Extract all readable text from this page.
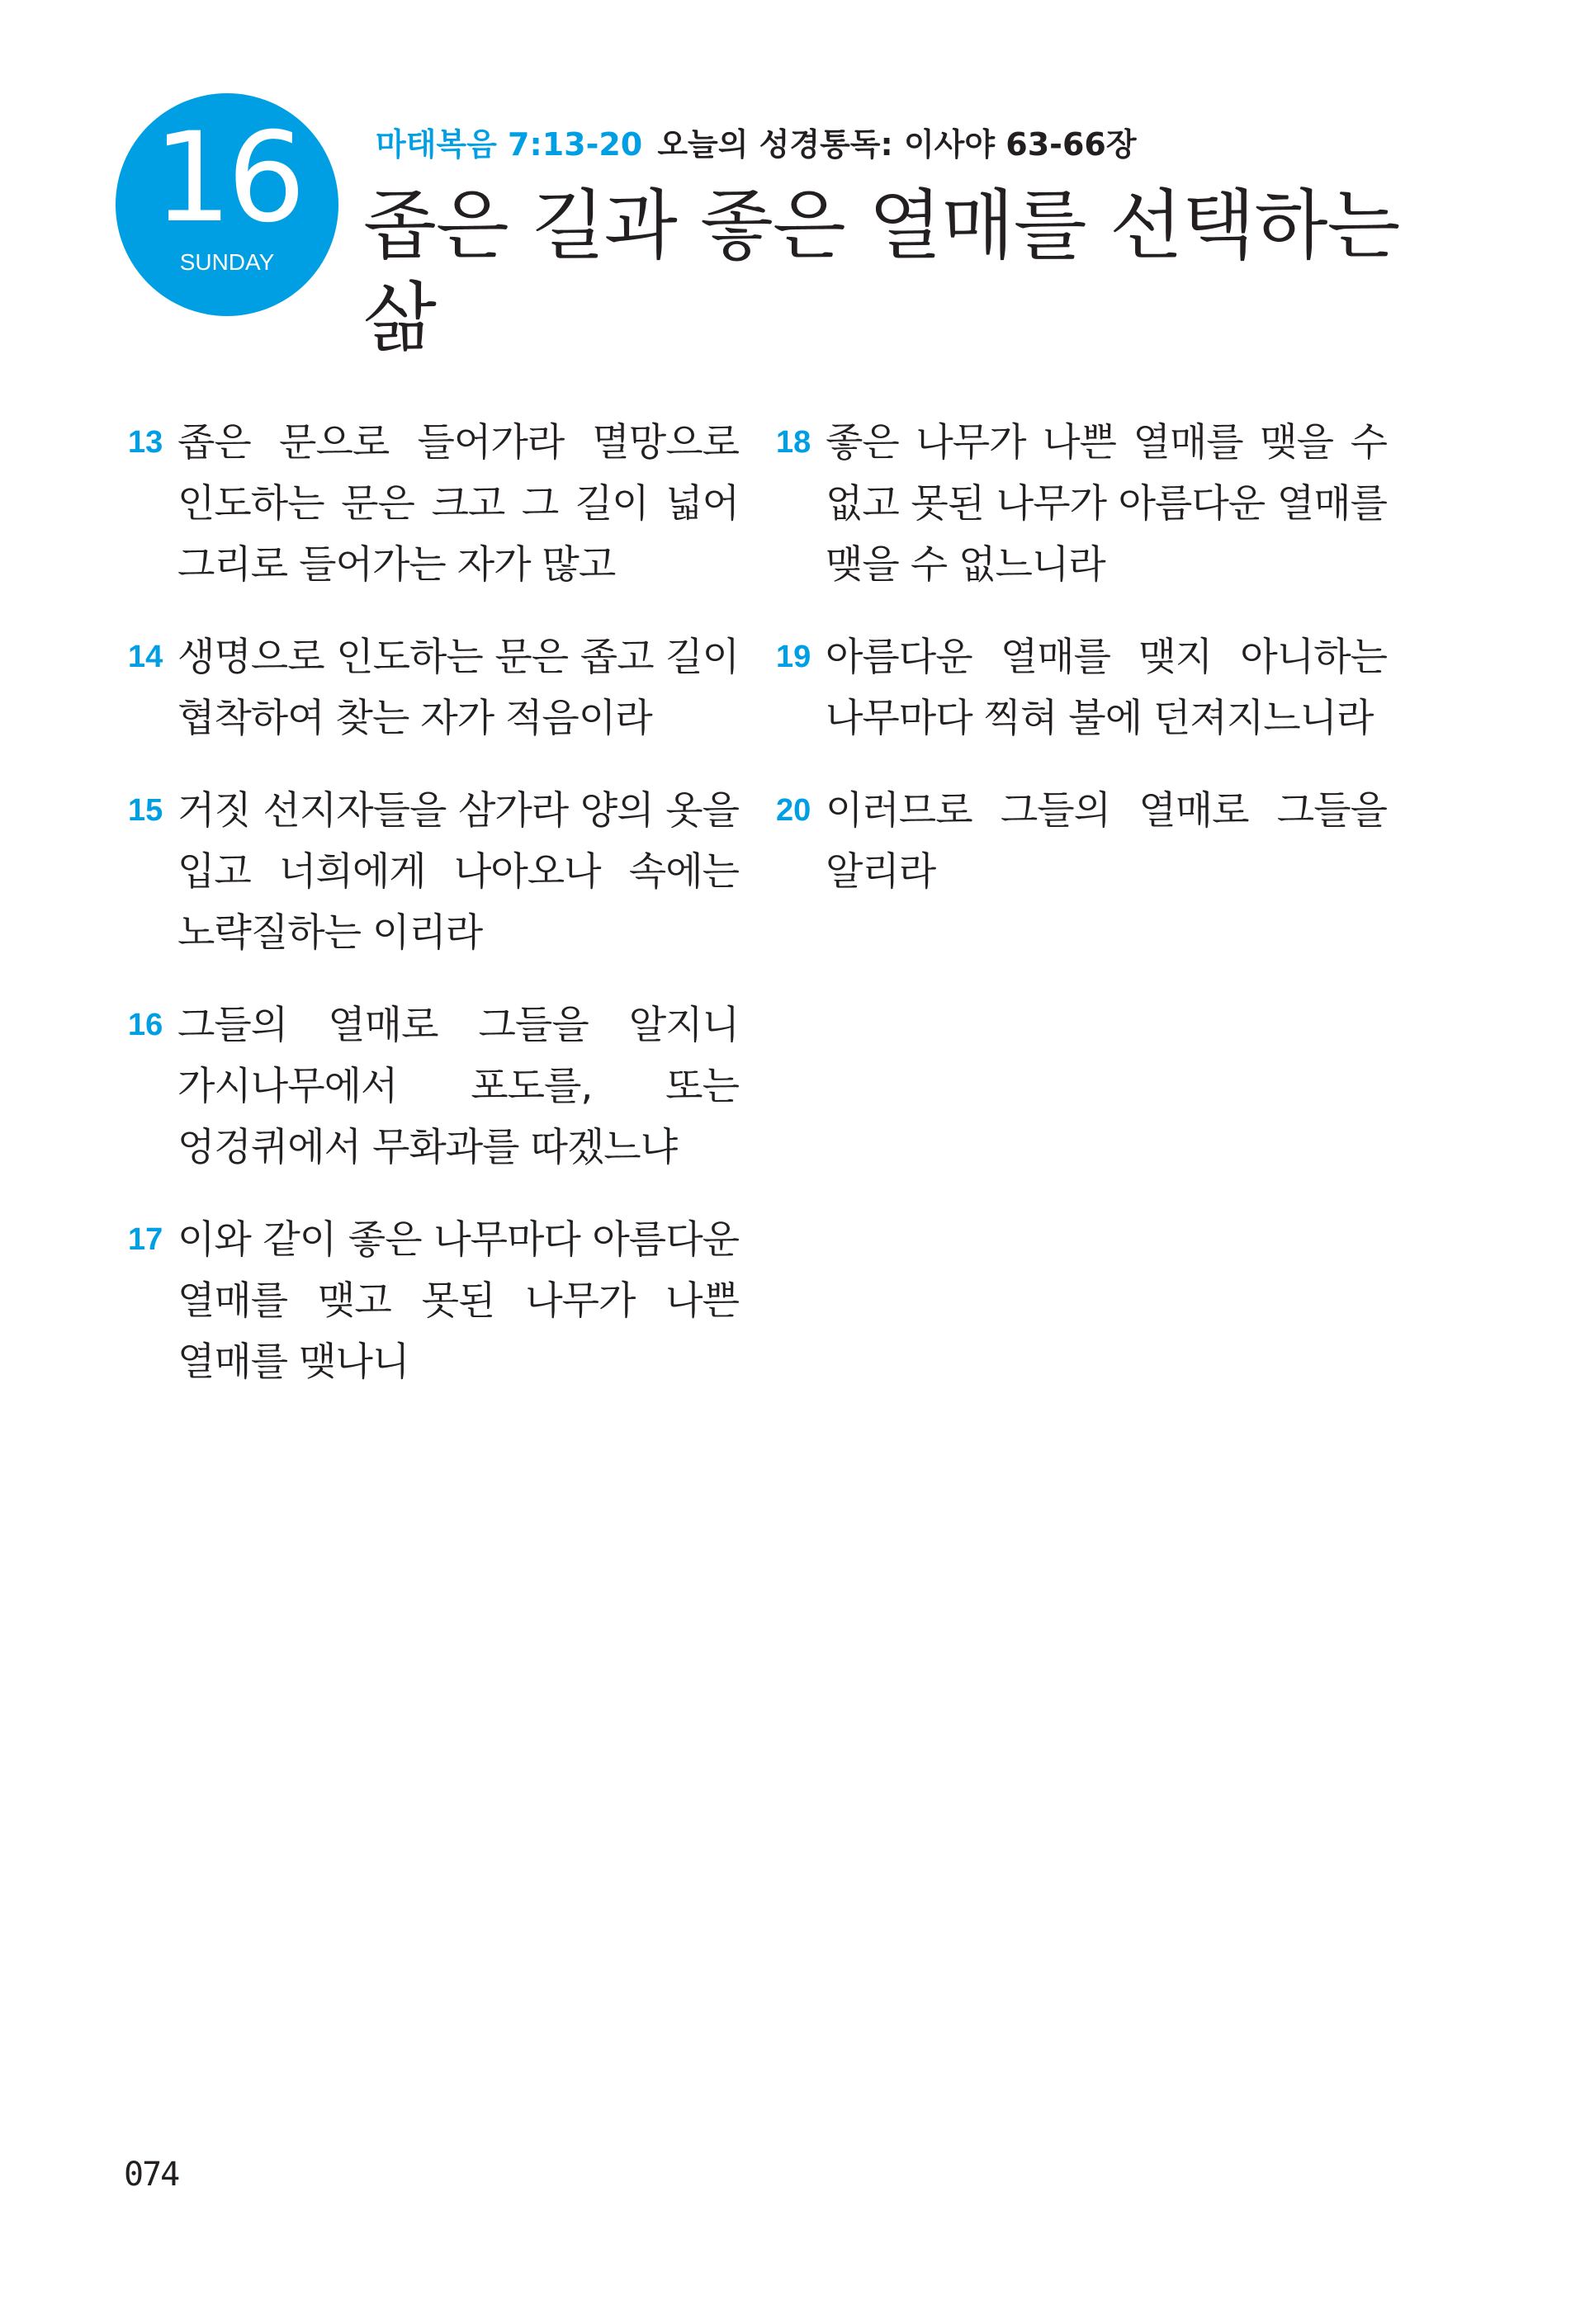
16
SUNDAY
마태복음 7:13-20 오늘의 성경통독: 이사야 63-66장
좁은 길과 좋은 열매를 선택하는 삶
13 좁은 문으로 들어가라 멸망으로 인도하는 문은 크고 그 길이 넓어 그리로 들어가는 자가 많고
14 생명으로 인도하는 문은 좁고 길이 협착하여 찾는 자가 적음이라
15 거짓 선지자들을 삼가라 양의 옷을 입고 너희에게 나아오나 속에는 노략질하는 이리라
16 그들의 열매로 그들을 알지니 가시나무에서 포도를, 또는 엉겅퀴에서 무화과를 따겠느냐
17 이와 같이 좋은 나무마다 아름다운 열매를 맺고 못된 나무가 나쁜 열매를 맺나니
18 좋은 나무가 나쁜 열매를 맺을 수 없고 못된 나무가 아름다운 열매를 맺을 수 없느니라
19 아름다운 열매를 맺지 아니하는 나무마다 찍혀 불에 던져지느니라
20 이러므로 그들의 열매로 그들을 알리라
074
